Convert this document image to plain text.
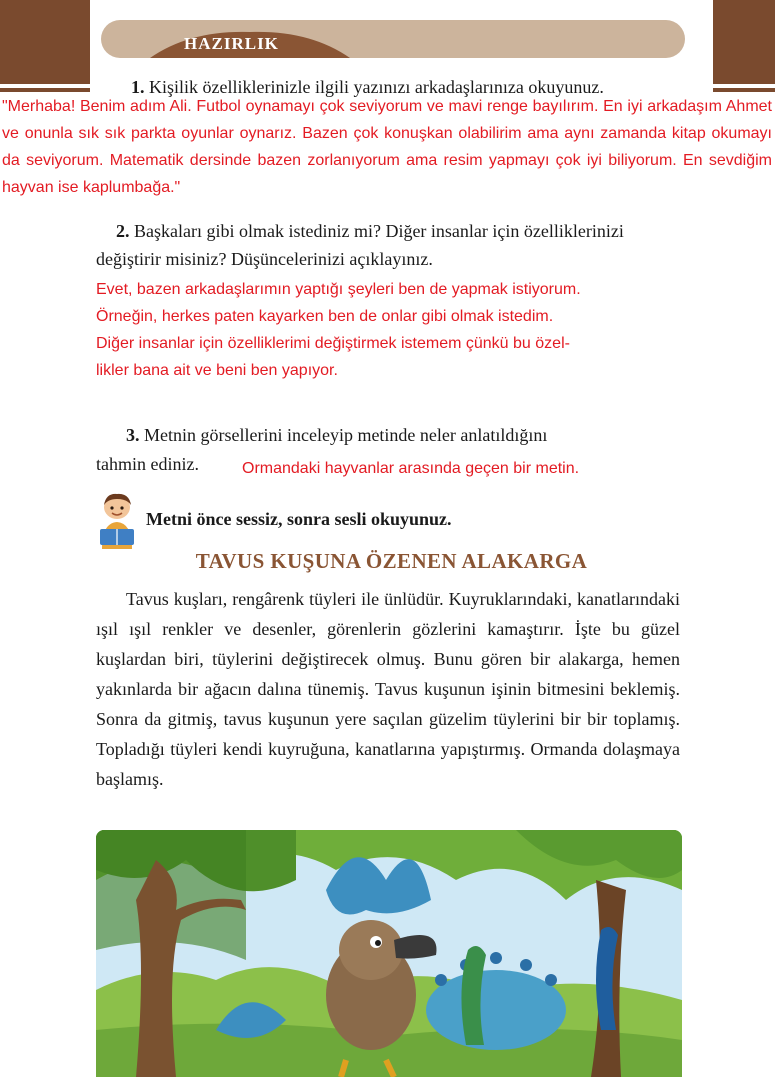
HAZIRLIK
1. Kişilik özelliklerinizle ilgili yazınızı arkadaşlarınıza okuyunuz.
"Merhaba! Benim adım Ali. Futbol oynamayı çok seviyorum ve mavi renge bayılırım. En iyi arkadaşım Ahmet ve onunla sık sık parkta oyunlar oynarız. Bazen çok konuşkan olabilirim ama aynı zamanda kitap okumayı da seviyorum. Matematik dersinde bazen zorlanıyorum ama resim yapmayı çok iyi biliyorum. En sevdiğim hayvan ise kaplumbağa."
2. Başkaları gibi olmak istediniz mi? Diğer insanlar için özelliklerinizi değiştirir misiniz? Düşüncelerinizi açıklayınız.
Evet, bazen arkadaşlarımın yaptığı şeyleri ben de yapmak istiyorum.
Örneğin, herkes paten kayarken ben de onlar gibi olmak istedim.
Diğer insanlar için özelliklerimi değiştirmek istemem çünkü bu özel-
likler bana ait ve beni ben yapıyor.
3. Metnin görsellerini inceleyip metinde neler anlatıldığını
tahmin ediniz.	Ormandaki hayvanlar arasında geçen bir metin.
Metni önce sessiz, sonra sesli okuyunuz.
TAVUS KUŞUNA ÖZENEN ALAKARGA
Tavus kuşları, rengârenk tüyleri ile ünlüdür. Kuyruklarındaki, kanatlarındaki ışıl ışıl renkler ve desenler, görenlerin gözlerini kamaştırır. İşte bu güzel kuşlardan biri, tüylerini değiştirecek olmuş. Bunu gören bir alakarga, hemen yakınlarda bir ağacın dalına tünemiş. Tavus kuşunun işinin bitmesini beklemiş. Sonra da gitmiş, tavus kuşunun yere saçılan güzelim tüylerini bir bir toplamış. Topladığı tüyleri kendi kuyruğuna, kanatlarına yapıştırmış. Ormanda dolaşmaya başlamış.
